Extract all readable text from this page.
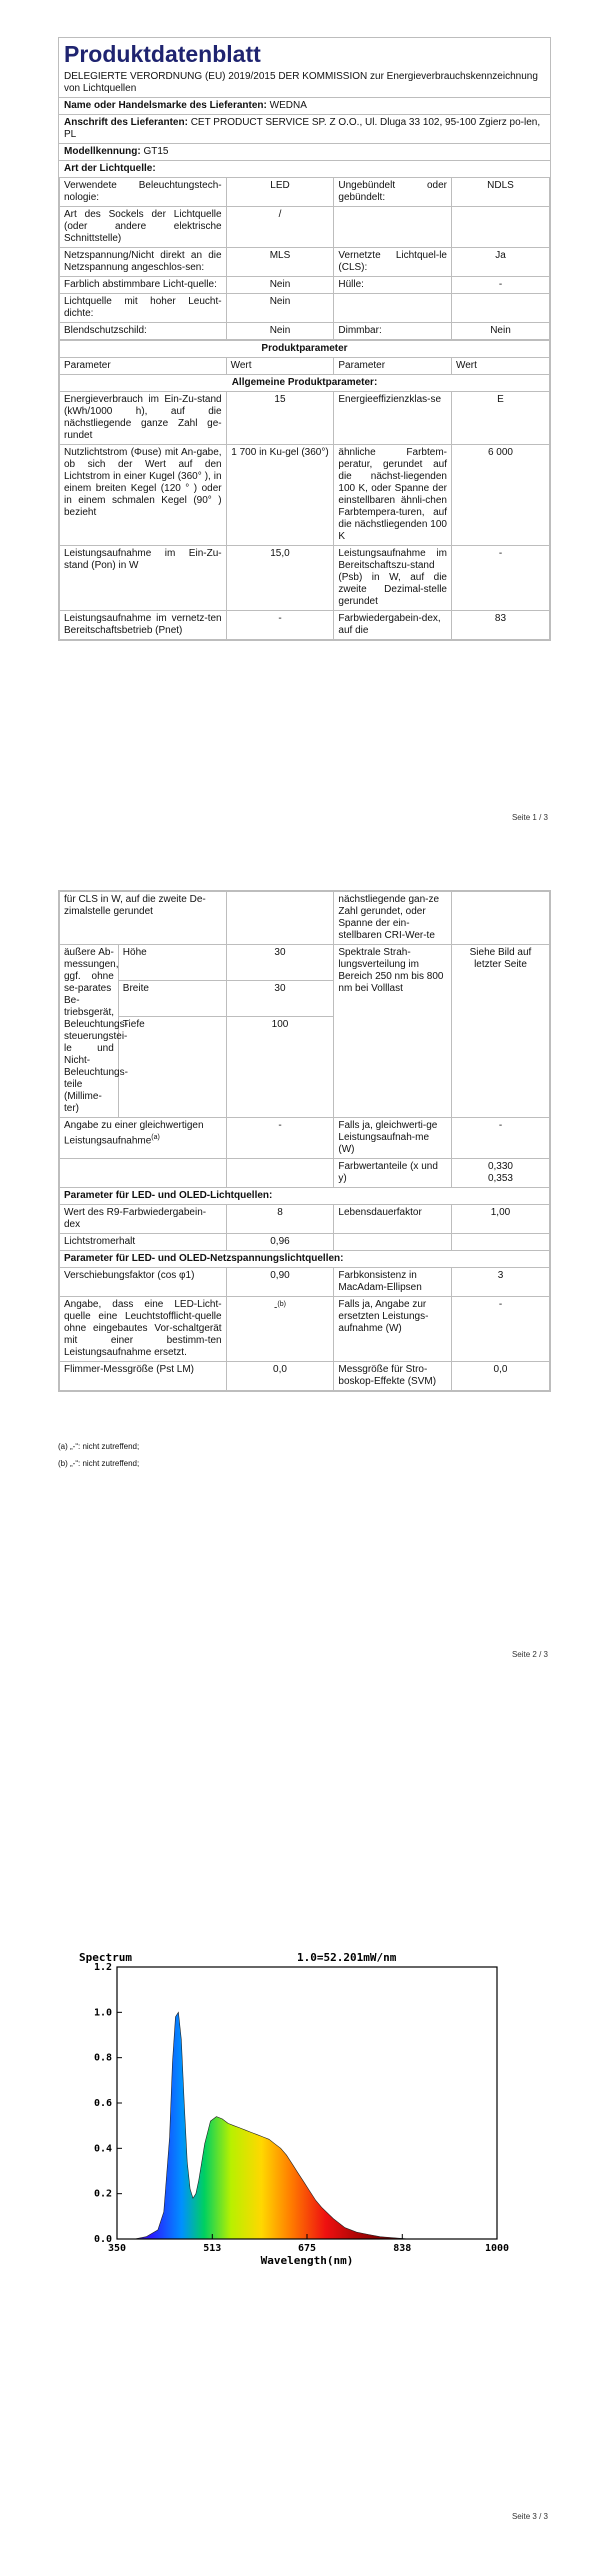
Produktdatenblatt
DELEGIERTE VERORDNUNG (EU) 2019/2015 DER KOMMISSION zur Energieverbrauchskennzeichnung von Lichtquellen
Name oder Handelsmarke des Lieferanten: WEDNA
Anschrift des Lieferanten: CET PRODUCT SERVICE SP. Z O.O., Ul. Dluga 33 102, 95-100 Zgierz po-len, PL
Modellkennung: GT15
Art der Lichtquelle:
Verwendete Beleuchtungstech-nologie:	LED	Ungebündelt oder gebündelt:	NDLS
Art des Sockels der Lichtquelle (oder andere elektrische Schnittstelle)	/		
Netzspannung/Nicht direkt an die Netzspannung angeschlos-sen:	MLS	Vernetzte Lichtquel-le (CLS):	Ja
Farblich abstimmbare Licht-quelle:	Nein	Hülle:	-
Lichtquelle mit hoher Leucht-dichte:	Nein		
Blendschutzschild:	Nein	Dimmbar:	Nein
Produktparameter			
Parameter	Wert	Parameter	Wert
Allgemeine Produktparameter:			
Energieverbrauch im Ein-Zu-stand (kWh/1000 h), auf die nächstliegende ganze Zahl ge-rundet	15	Energieeffizienzklas-se	E
Nutzlichtstrom (Φuse) mit An-gabe, ob sich der Wert auf den Lichtstrom in einer Kugel (360° ), in einem breiten Kegel (120 ° ) oder in einem schmalen Kegel (90° ) bezieht	1 700 in Ku-gel (360°)	ähnliche Farbtem-peratur, gerundet auf die nächst-liegenden 100 K, oder Spanne der einstellbaren ähnli-chen Farbtempera-turen, auf die nächstliegenden 100 K	6 000
Leistungsaufnahme im Ein-Zu-stand (Pon) in W	15,0	Leistungsaufnahme im Bereitschaftszu-stand (Psb) in W, auf die zweite Dezimal-stelle gerundet	-
Leistungsaufnahme im vernetz-ten Bereitschaftsbetrieb (Pnet)	-	Farbwiedergabein-dex, auf die	83
Seite 1 / 3
für CLS in W, auf die zweite De-zimalstelle gerundet			nächstliegende gan-ze Zahl gerundet, oder Spanne der ein-stellbaren CRI-Wer-te	
äußere Ab-messungen, ggf. ohne se-parates Be-triebsgerät, Beleuchtungs-steuerungstei-le und Nicht-Beleuchtungs-teile (Millime-ter)	Höhe	30	Spektrale Strah-lungsverteilung im Bereich 250 nm bis 800 nm bei Volllast	Siehe Bild auf letzter Seite
	Breite	30		
	Tiefe	100		
Angabe zu einer gleichwertigen Leistungsaufnahme$^{(a)}$		-	Falls ja, gleichwerti-ge Leistungsaufnah-me (W)	-
			Farbwertanteile (x und y)	0,330
0,353

Parameter für LED- und OLED-Lichtquellen:				
Wert des R9-Farbwiedergabein-dex		8	Lebensdauerfaktor	1,00
Lichtstromerhalt		0,96		
Parameter für LED- und OLED-Netzspannungslichtquellen:				
Verschiebungsfaktor (cos φ1)		0,90	Farbkonsistenz in MacAdam-Ellipsen	3
Angabe, dass eine LED-Licht-quelle eine Leuchtstofflicht-quelle ohne eingebautes Vor-schaltgerät mit einer bestimm-ten Leistungsaufnahme ersetzt.		-$^{(b)}$	Falls ja, Angabe zur ersetzten Leistungs-aufnahme (W)	-
Flimmer-Messgröße (Pst LM)		0,0	Messgröße für Stro-boskop-Effekte (SVM)	0,0
(a) „-“: nicht zutreffend;
(b) „-“: nicht zutreffend;
Seite 2 / 3
0.0
0.2
0.4
0.6
0.8
1.0
1.2
350	513	675	838	1000
Spectrum	1.0=52.201mW/nm
Wavelength(nm)
Seite 3 / 3
